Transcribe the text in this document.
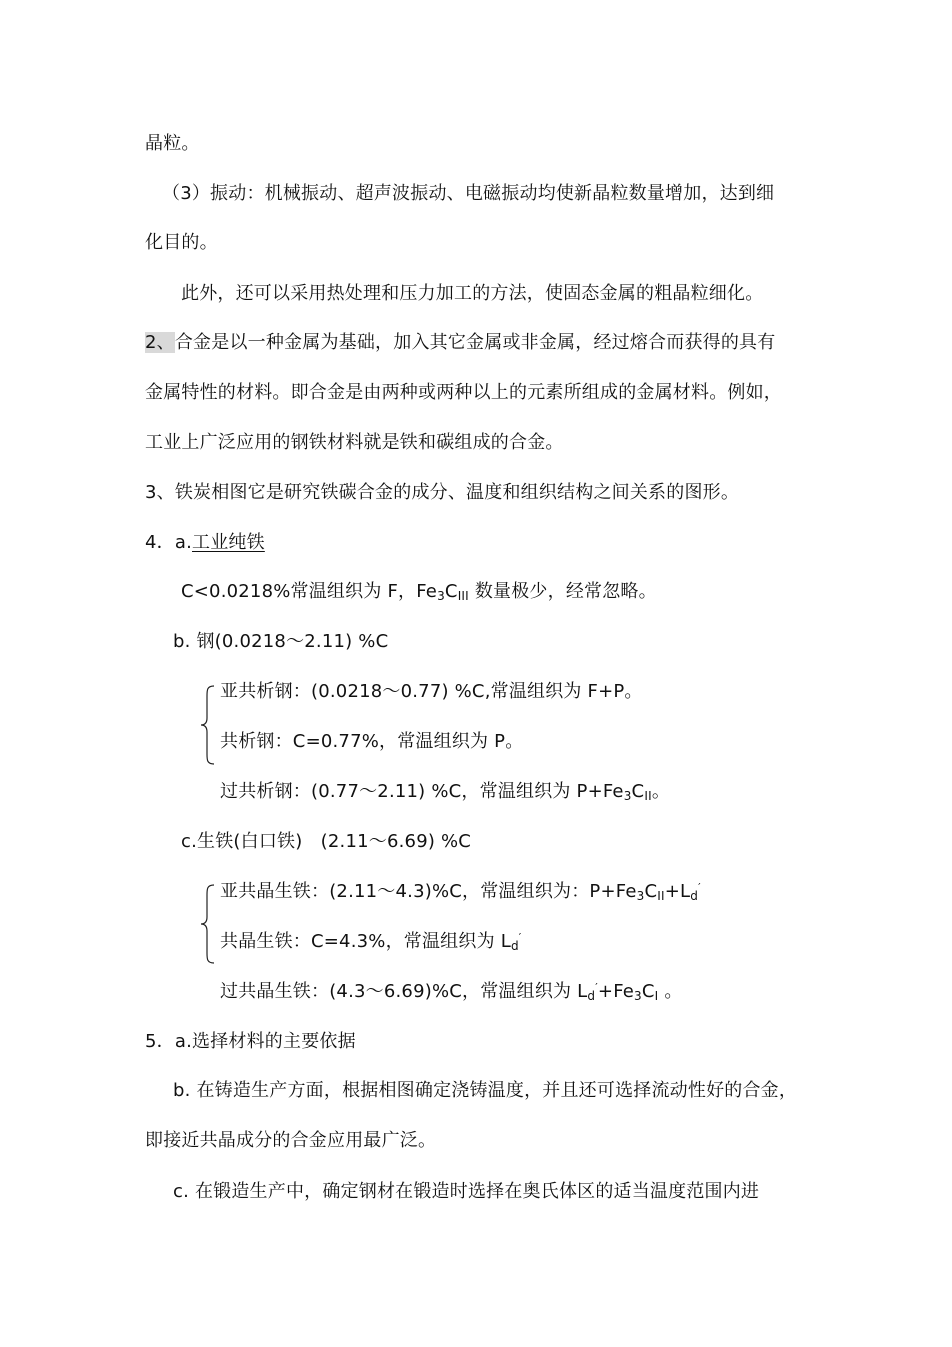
晶粒。
（3）振动：机械振动、超声波振动、电磁振动均使新晶粒数量增加，达到细
化目的。
此外，还可以采用热处理和压力加工的方法，使固态金属的粗晶粒细化。
2、合金是以一种金属为基础，加入其它金属或非金属，经过熔合而获得的具有
金属特性的材料。即合金是由两种或两种以上的元素所组成的金属材料。例如，
工业上广泛应用的钢铁材料就是铁和碳组成的合金。
3、铁炭相图它是研究铁碳合金的成分、温度和组织结构之间关系的图形。
4．a.工业纯铁
C<0.0218%常温组织为 F，Fe3CIII 数量极少，经常忽略。
b. 钢(0.0218～2.11) %C
亚共析钢：(0.0218～0.77) %C,常温组织为 F+P。
共析钢：C=0.77%，常温组织为 P。
过共析钢：(0.77～2.11) %C，常温组织为 P+Fe3CII。
c.生铁(白口铁)　(2.11～6.69) %C
亚共晶生铁：(2.11～4.3)%C，常温组织为：P+Fe3CII+Ld′
共晶生铁：C=4.3%，常温组织为 Ld′
过共晶生铁：(4.3～6.69)%C，常温组织为 Ld′+Fe3CI 。
5．a.选择材料的主要依据
b. 在铸造生产方面，根据相图确定浇铸温度，并且还可选择流动性好的合金，
即接近共晶成分的合金应用最广泛。
c. 在锻造生产中，确定钢材在锻造时选择在奥氏体区的适当温度范围内进
